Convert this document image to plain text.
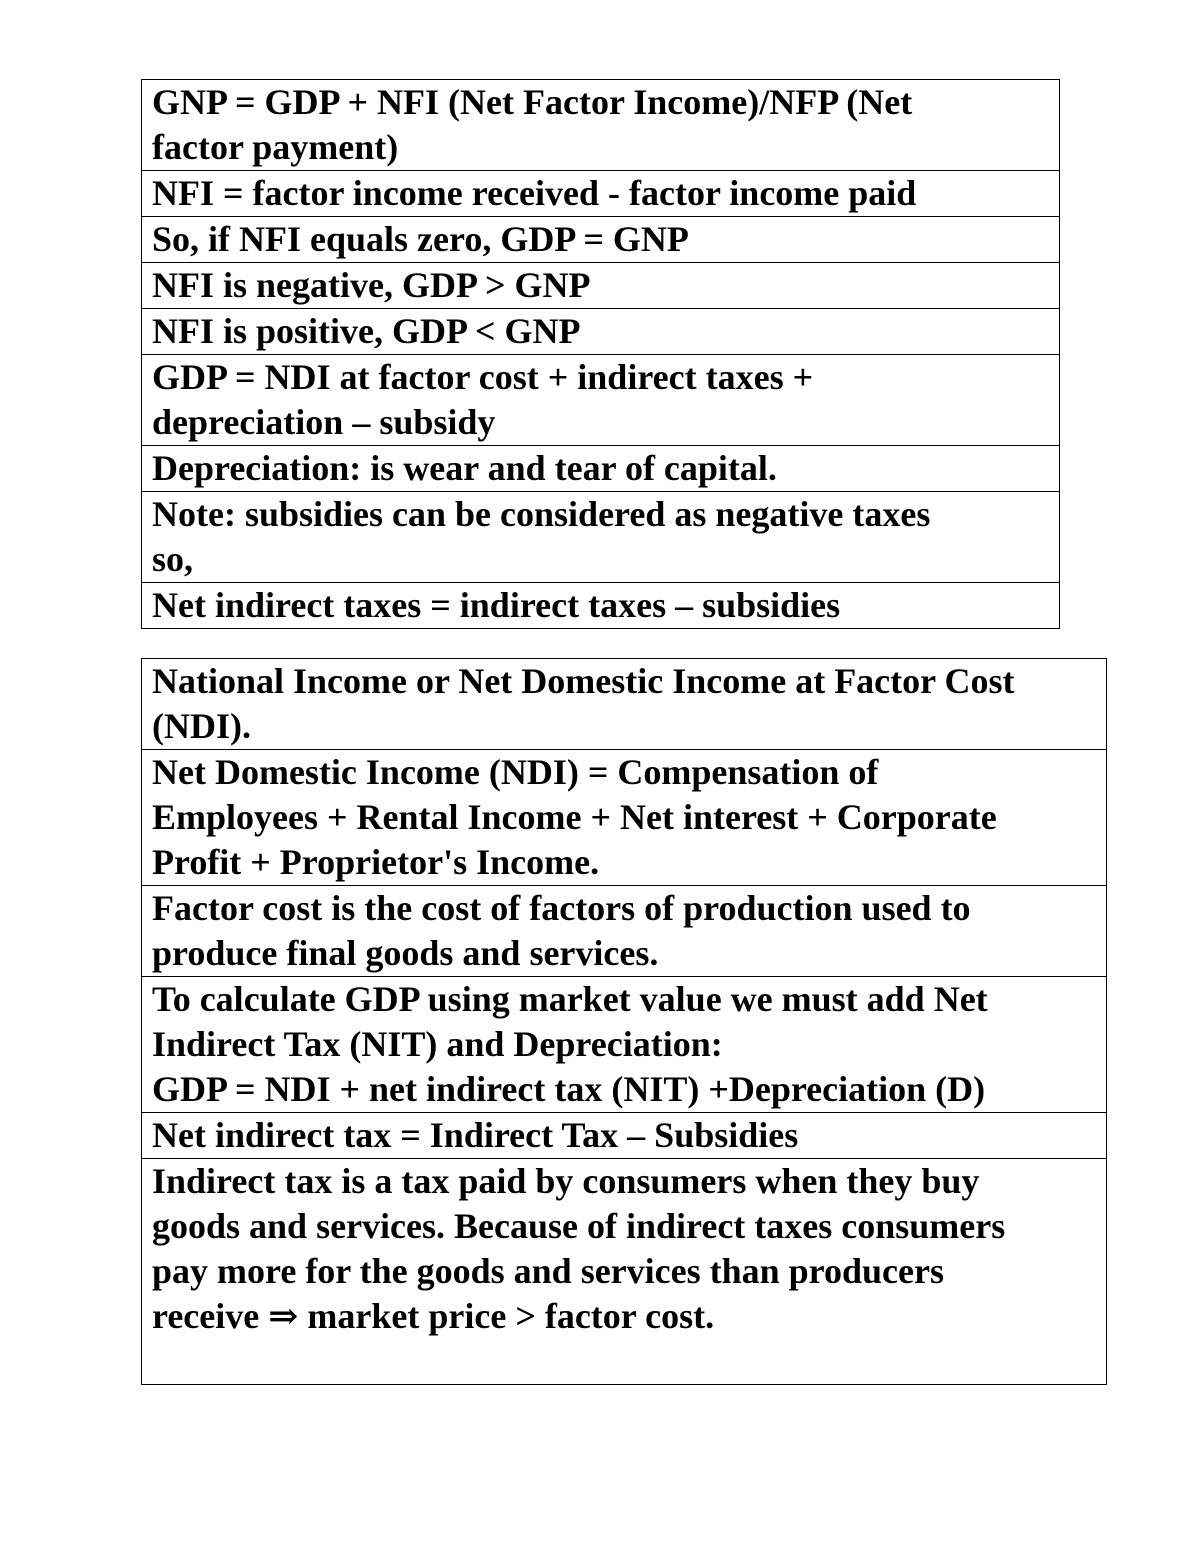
GNP = GDP + NFI (Net Factor Income)/NFP (Net
factor payment)

NFI = factor income received - factor income paid

So, if NFI equals zero, GDP = GNP

NFI is negative, GDP > GNP

NFI is positive, GDP < GNP

GDP = NDI at factor cost + indirect taxes +
depreciation – subsidy

Depreciation: is wear and tear of capital.

Note: subsidies can be considered as negative taxes
so,

Net indirect taxes = indirect taxes – subsidies
National Income or Net Domestic Income at Factor Cost
(NDI).

Net Domestic Income (NDI) = Compensation of
Employees + Rental Income + Net interest + Corporate
Profit + Proprietor's Income.

Factor cost is the cost of factors of production used to
produce final goods and services.

To calculate GDP using market value we must add Net
Indirect Tax (NIT) and Depreciation:
GDP = NDI + net indirect tax (NIT) +Depreciation (D)

Net indirect tax = Indirect Tax – Subsidies

Indirect tax is a tax paid by consumers when they buy
goods and services. Because of indirect taxes consumers
pay more for the goods and services than producers
receive ⇒ market price > factor cost.
